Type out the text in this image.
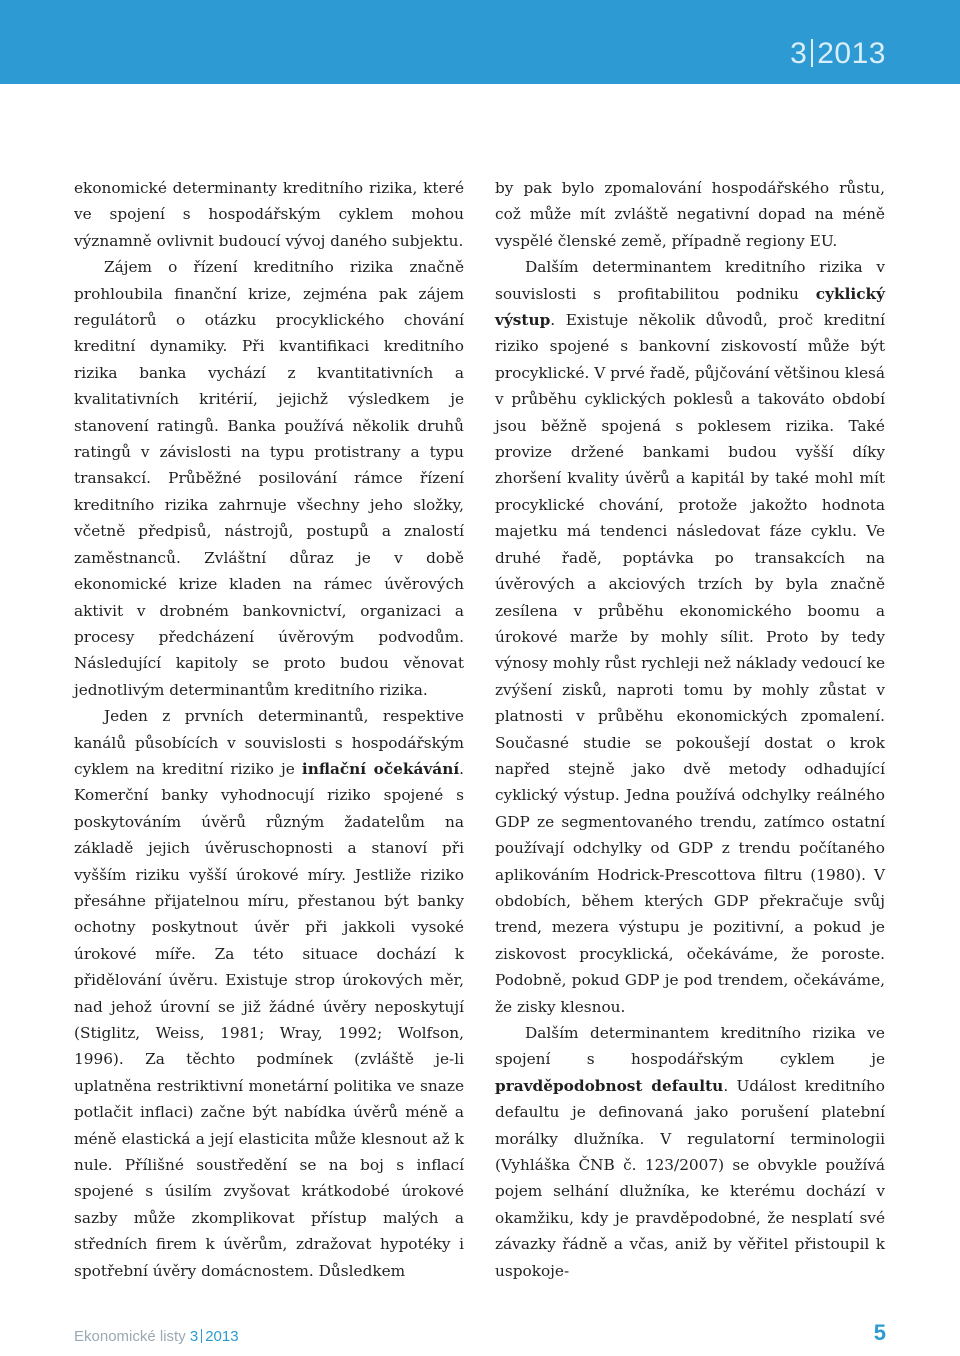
3 2013

ekonomické determinanty kreditního rizika, které ve spojení s hospodářským cyklem mohou významně ovlivnit budoucí vývoj daného subjektu.

Zájem o řízení kreditního rizika značně prohloubila finanční krize, zejména pak zájem regulátorů o otázku procyklického chování kreditní dynamiky. Při kvantifikaci kreditního rizika banka vychází z kvantitativních a kvalitativních kritérií, jejichž výsledkem je stanovení ratingů. Banka používá několik druhů ratingů v závislosti na typu protistrany a typu transakcí. Průběžné posilování rámce řízení kreditního rizika zahrnuje všechny jeho složky, včetně předpisů, nástrojů, postupů a znalostí zaměstnanců. Zvláštní důraz je v době ekonomické krize kladen na rámec úvěrových aktivit v drobném bankovnictví, organizaci a procesy předcházení úvěrovým podvodům. Následující kapitoly se proto budou věnovat jednotlivým determinantům kreditního rizika.

Jeden z prvních determinantů, respektive kanálů působících v souvislosti s hospodářským cyklem na kreditní riziko je inflační očekávání. Komerční banky vyhodnocují riziko spojené s poskytováním úvěrů různým žadatelům na základě jejich úvěruschopnosti a stanoví při vyšším riziku vyšší úrokové míry. Jestliže riziko přesáhne přijatelnou míru, přestanou být banky ochotny poskytnout úvěr při jakkoli vysoké úrokové míře. Za této situace dochází k přidělování úvěru. Existuje strop úrokových měr, nad jehož úrovní se již žádné úvěry neposkytují (Stiglitz, Weiss, 1981; Wray, 1992; Wolfson, 1996). Za těchto podmínek (zvláště je-li uplatněna restriktivní monetární politika ve snaze potlačit inflaci) začne být nabídka úvěrů méně a méně elastická a její elasticita může klesnout až k nule. Přílišné soustředění se na boj s inflací spojené s úsilím zvyšovat krátkodobé úrokové sazby může zkomplikovat přístup malých a středních firem k úvěrům, zdražovat hypotéky i spotřební úvěry domácnostem. Důsledkem

by pak bylo zpomalování hospodářského růstu, což může mít zvláště negativní dopad na méně vyspělé členské země, případně regiony EU.

Dalším determinantem kreditního rizika v souvislosti s profitabilitou podniku cyklický výstup. Existuje několik důvodů, proč kreditní riziko spojené s bankovní ziskovostí může být procyklické. V prvé řadě, půjčování většinou klesá v průběhu cyklických poklesů a takováto období jsou běžně spojená s poklesem rizika. Také provize držené bankami budou vyšší díky zhoršení kvality úvěrů a kapitál by také mohl mít procyklické chování, protože jakožto hodnota majetku má tendenci následovat fáze cyklu. Ve druhé řadě, poptávka po transakcích na úvěrových a akciových trzích by byla značně zesílena v průběhu ekonomického boomu a úrokové marže by mohly sílit. Proto by tedy výnosy mohly růst rychleji než náklady vedoucí ke zvýšení zisků, naproti tomu by mohly zůstat v platnosti v průběhu ekonomických zpomalení. Současné studie se pokoušejí dostat o krok napřed stejně jako dvě metody odhadující cyklický výstup. Jedna používá odchylky reálného GDP ze segmentovaného trendu, zatímco ostatní používají odchylky od GDP z trendu počítaného aplikováním Hodrick-Prescottova filtru (1980). V obdobích, během kterých GDP překračuje svůj trend, mezera výstupu je pozitivní, a pokud je ziskovost procyklická, očekáváme, že poroste. Podobně, pokud GDP je pod trendem, očekáváme, že zisky klesnou.

Dalším determinantem kreditního rizika ve spojení s hospodářským cyklem je pravděpodobnost defaultu. Událost kreditního defaultu je definovaná jako porušení platební morálky dlužníka. V regulatorní terminologii (Vyhláška ČNB č. 123/2007) se obvykle používá pojem selhání dlužníka, ke kterému dochází v okamžiku, kdy je pravděpodobné, že nesplatí své závazky řádně a včas, aniž by věřitel přistoupil k uspokoje-

Ekonomické listy 3 2013	5
